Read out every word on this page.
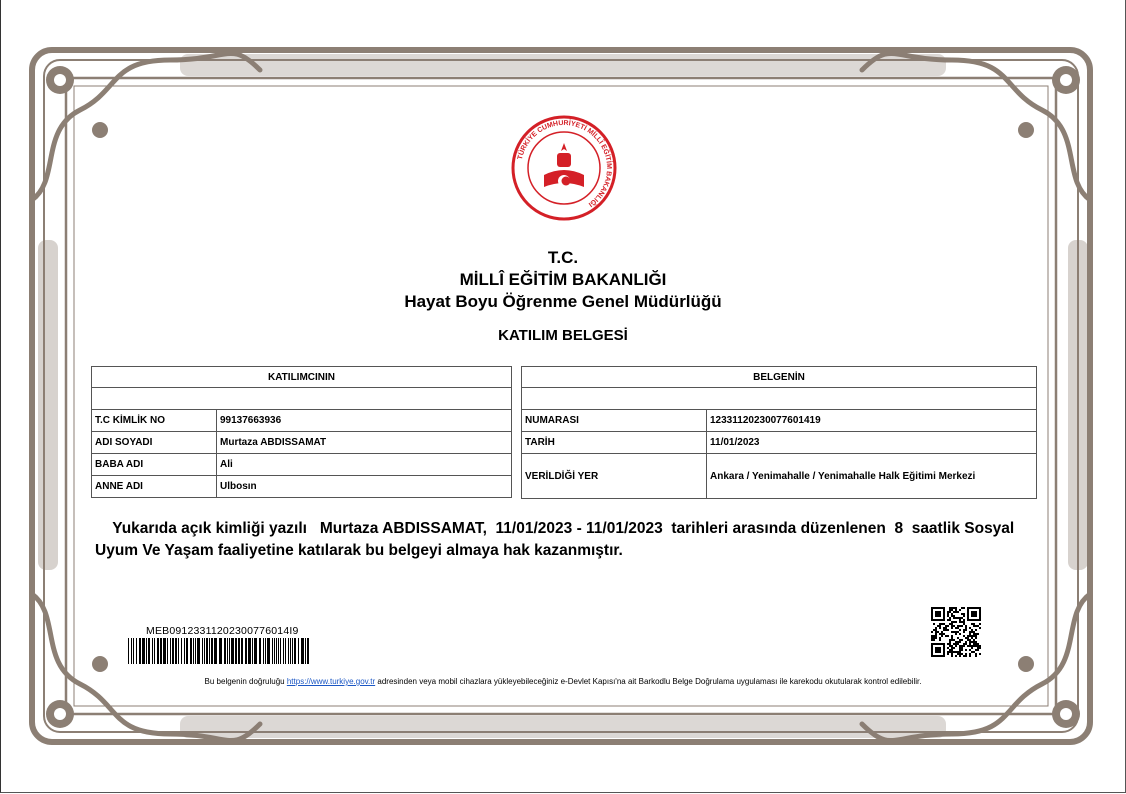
TÜRKİYE CUMHURİYETİ MİLLÎ EĞİTİM BAKANLIĞI
T.C.
MİLLÎ EĞİTİM BAKANLIĞI
Hayat Boyu Öğrenme Genel Müdürlüğü
KATILIM BELGESİ
KATILIMCININ	

T.C KİMLİK NO	99137663936
ADI SOYADI	Murtaza ABDISSAMAT
BABA ADI	Ali
ANNE ADI	Ulbosın
BELGENİN	

NUMARASI	12331120230077601419
TARİH	11/01/2023
VERİLDİĞİ YER	Ankara / Yenimahalle / Yenimahalle Halk Eğitimi Merkezi
Yukarıda açık kimliği yazılı   Murtaza ABDISSAMAT,  11/01/2023 - 11/01/2023  tarihleri arasında düzenlenen  8  saatlik Sosyal Uyum Ve Yaşam faaliyetine katılarak bu belgeyi almaya hak kazanmıştır.
MEB09123311202300776014I9
Bu belgenin doğruluğu https://www.turkiye.gov.tr adresinden veya mobil cihazlara yükleyebileceğiniz e-Devlet Kapısı'na ait Barkodlu Belge Doğrulama uygulaması ile karekodu okutularak kontrol edilebilir.
